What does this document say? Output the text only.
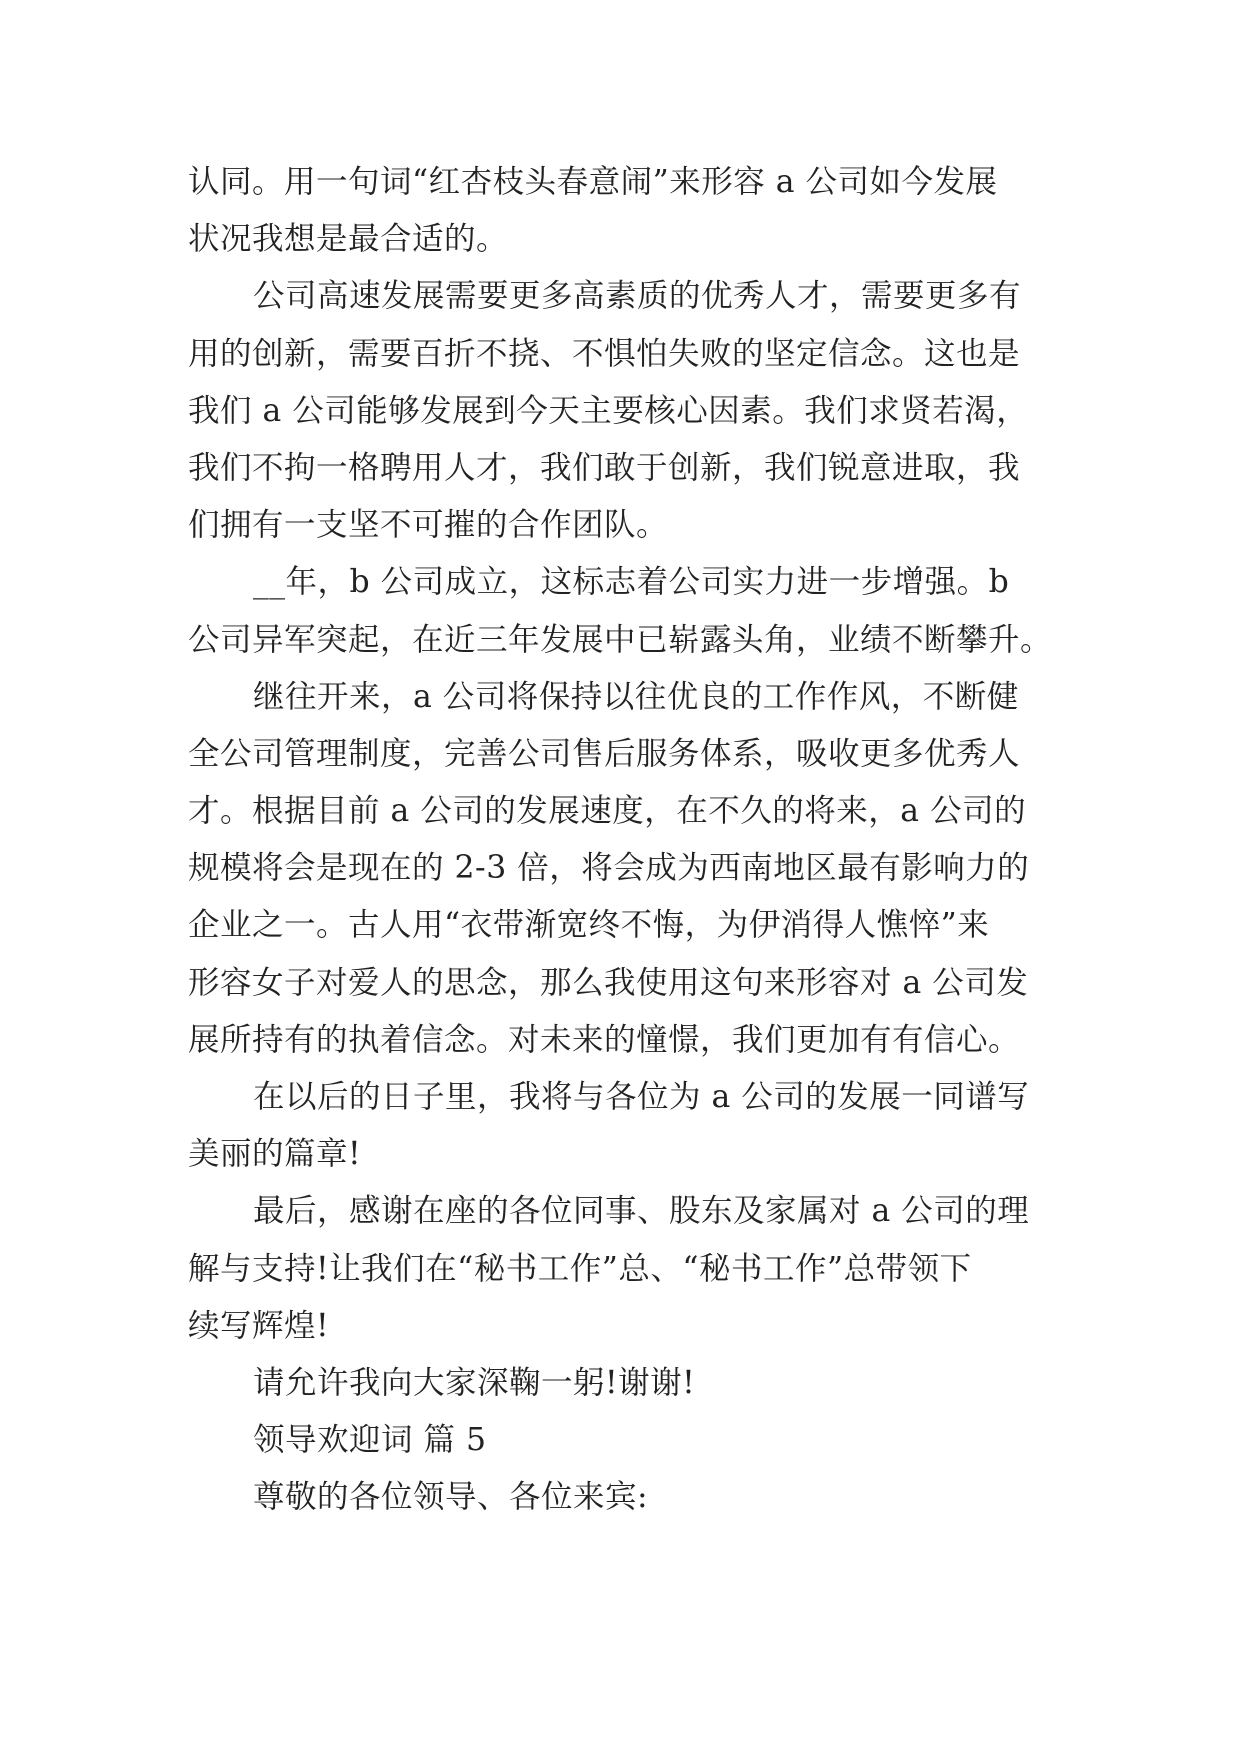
认同。用一句词“红杏枝头春意闹”来形容 a 公司如今发展
状况我想是最合适的。
公司高速发展需要更多高素质的优秀人才，需要更多有
用的创新，需要百折不挠、不惧怕失败的坚定信念。这也是
我们 a 公司能够发展到今天主要核心因素。我们求贤若渴，
我们不拘一格聘用人才，我们敢于创新，我们锐意进取，我
们拥有一支坚不可摧的合作团队。
__年，b 公司成立，这标志着公司实力进一步增强。b
公司异军突起，在近三年发展中已崭露头角，业绩不断攀升。
继往开来，a 公司将保持以往优良的工作作风，不断健
全公司管理制度，完善公司售后服务体系，吸收更多优秀人
才。根据目前 a 公司的发展速度，在不久的将来，a 公司的
规模将会是现在的 2-3 倍，将会成为西南地区最有影响力的
企业之一。古人用“衣带渐宽终不悔，为伊消得人憔悴”来
形容女子对爱人的思念，那么我使用这句来形容对 a 公司发
展所持有的执着信念。对未来的憧憬，我们更加有有信心。
在以后的日子里，我将与各位为 a 公司的发展一同谱写
美丽的篇章!
最后，感谢在座的各位同事、股东及家属对 a 公司的理
解与支持!让我们在“秘书工作”总、“秘书工作”总带领下
续写辉煌!
请允许我向大家深鞠一躬!谢谢!
领导欢迎词 篇 5
尊敬的各位领导、各位来宾:
